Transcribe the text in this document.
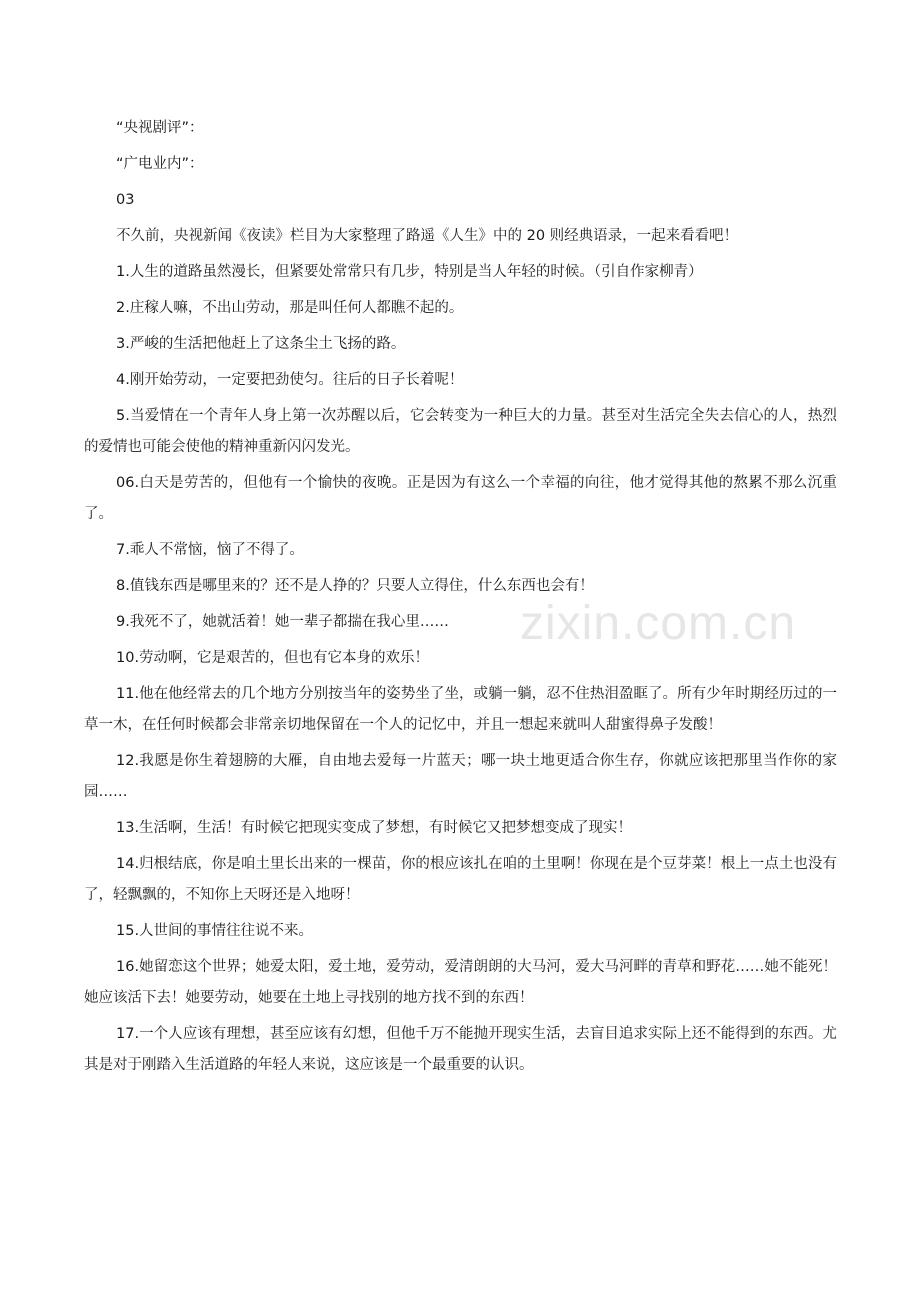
“央视剧评”：

“广电业内”：

03

不久前，央视新闻《夜读》栏目为大家整理了路遥《人生》中的 20 则经典语录，一起来看看吧！

1.人生的道路虽然漫长，但紧要处常常只有几步，特别是当人年轻的时候。（引自作家柳青）

2.庄稼人嘛，不出山劳动，那是叫任何人都瞧不起的。

3.严峻的生活把他赶上了这条尘土飞扬的路。

4.刚开始劳动，一定要把劲使匀。往后的日子长着呢！

5.当爱情在一个青年人身上第一次苏醒以后，它会转变为一种巨大的力量。甚至对生活完全失去信心的人，热烈的爱情也可能会使他的精神重新闪闪发光。

06.白天是劳苦的，但他有一个愉快的夜晚。正是因为有这么一个幸福的向往，他才觉得其他的熬累不那么沉重了。

7.乖人不常恼，恼了不得了。

8.值钱东西是哪里来的？还不是人挣的？只要人立得住，什么东西也会有！

9.我死不了，她就活着！她一辈子都揣在我心里……

10.劳动啊，它是艰苦的，但也有它本身的欢乐！

11.他在他经常去的几个地方分别按当年的姿势坐了坐，或躺一躺，忍不住热泪盈眶了。所有少年时期经历过的一草一木，在任何时候都会非常亲切地保留在一个人的记忆中，并且一想起来就叫人甜蜜得鼻子发酸！

12.我愿是你生着翅膀的大雁，自由地去爱每一片蓝天；哪一块土地更适合你生存，你就应该把那里当作你的家园……

13.生活啊，生活！有时候它把现实变成了梦想，有时候它又把梦想变成了现实！

14.归根结底，你是咱土里长出来的一棵苗，你的根应该扎在咱的土里啊！你现在是个豆芽菜！根上一点土也没有了，轻飘飘的，不知你上天呀还是入地呀！

15.人世间的事情往往说不来。

16.她留恋这个世界；她爱太阳，爱土地，爱劳动，爱清朗朗的大马河，爱大马河畔的青草和野花……她不能死！她应该活下去！她要劳动，她要在土地上寻找别的地方找不到的东西！

17.一个人应该有理想，甚至应该有幻想，但他千万不能抛开现实生活，去盲目追求实际上还不能得到的东西。尤其是对于刚踏入生活道路的年轻人来说，这应该是一个最重要的认识。

zixin.com.cn
